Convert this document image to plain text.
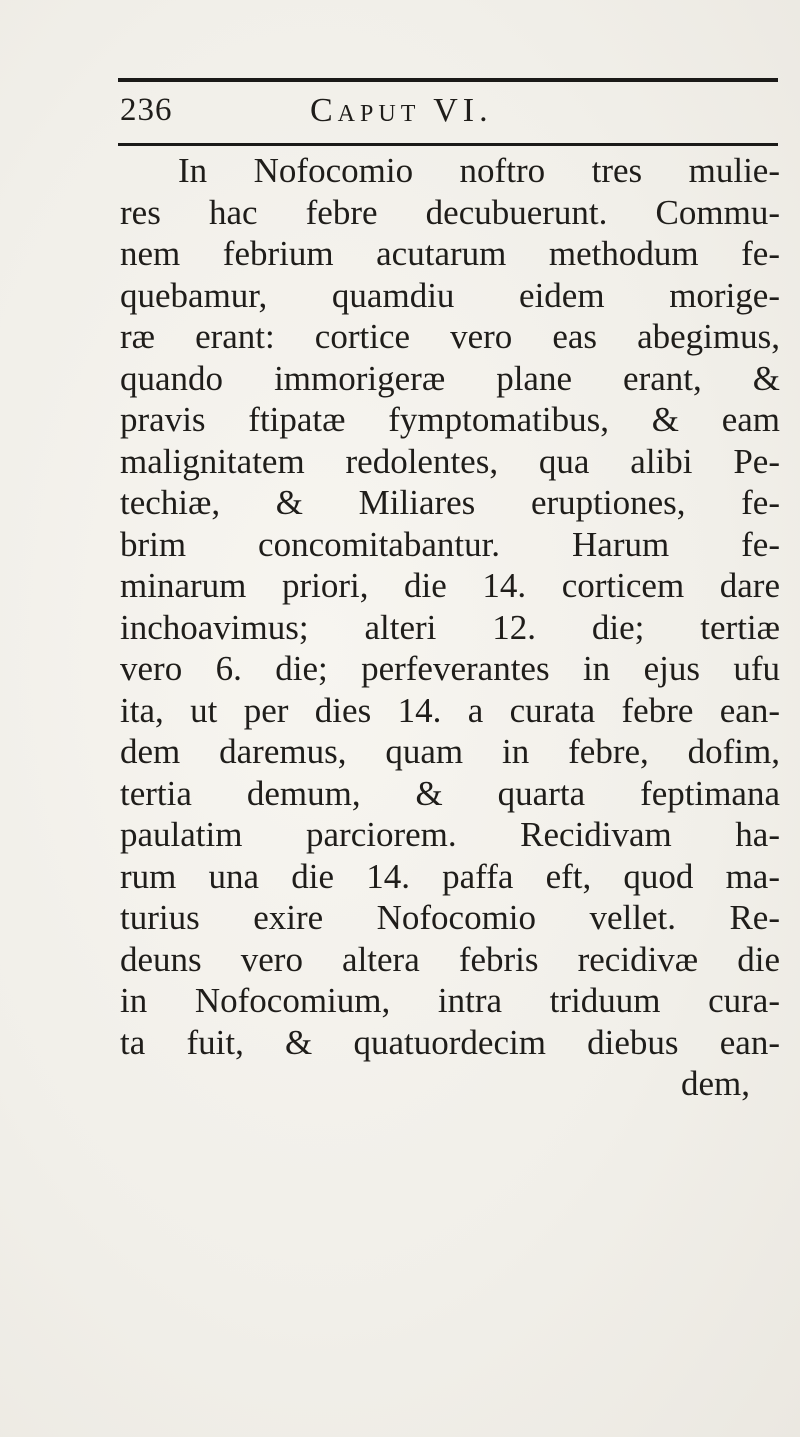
236	Caput VI.
In Nofocomio noftro tres mulie-
res hac febre decubuerunt. Commu-
nem febrium acutarum methodum fe-
quebamur, quamdiu eidem morige-
ræ erant: cortice vero eas abegimus,
quando immorigeræ plane erant, &
pravis ftipatæ fymptomatibus, & eam
malignitatem redolentes, qua alibi Pe-
techiæ, & Miliares eruptiones, fe-
brim concomitabantur. Harum fe-
minarum priori, die 14. corticem dare
inchoavimus; alteri 12. die; tertiæ
vero 6. die; perfeverantes in ejus ufu
ita, ut per dies 14. a curata febre ean-
dem daremus, quam in febre, dofim,
tertia demum, & quarta feptimana
paulatim parciorem. Recidivam ha-
rum una die 14. paffa eft, quod ma-
turius exire Nofocomio vellet. Re-
deuns vero altera febris recidivæ die
in Nofocomium, intra triduum cura-
ta fuit, & quatuordecim diebus ean-
dem,
